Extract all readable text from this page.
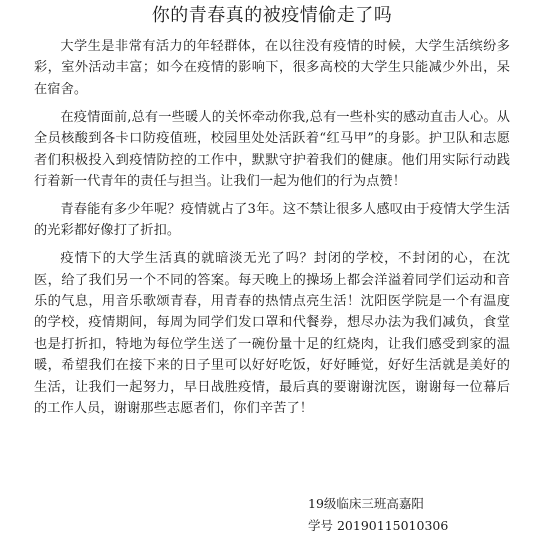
你的青春真的被疫情偷走了吗

大学生是非常有活力的年轻群体，在以往没有疫情的时候，大学生活缤纷多彩，室外活动丰富；如今在疫情的影响下，很多高校的大学生只能减少外出，呆在宿舍。

在疫情面前,总有一些暖人的关怀牵动你我,总有一些朴实的感动直击人心。从全员核酸到各卡口防疫值班，校园里处处活跃着“红马甲”的身影。护卫队和志愿者们积极投入到疫情防控的工作中，默默守护着我们的健康。他们用实际行动践行着新一代青年的责任与担当。让我们一起为他们的行为点赞！

青春能有多少年呢？疫情就占了3年。这不禁让很多人感叹由于疫情大学生活的光彩都好像打了折扣。

疫情下的大学生活真的就暗淡无光了吗？封闭的学校，不封闭的心，在沈医，给了我们另一个不同的答案。每天晚上的操场上都会洋溢着同学们运动和音乐的气息，用音乐歌颂青春，用青春的热情点亮生活！沈阳医学院是一个有温度的学校，疫情期间，每周为同学们发口罩和代餐券，想尽办法为我们减负，食堂也是打折扣，特地为每位学生送了一碗份量十足的红烧肉，让我们感受到家的温暖，希望我们在接下来的日子里可以好好吃饭，好好睡觉，好好生活就是美好的生活，让我们一起努力，早日战胜疫情，最后真的要谢谢沈医，谢谢每一位幕后的工作人员，谢谢那些志愿者们，你们辛苦了！

19级临床三班高嘉阳
学号 20190115010306
